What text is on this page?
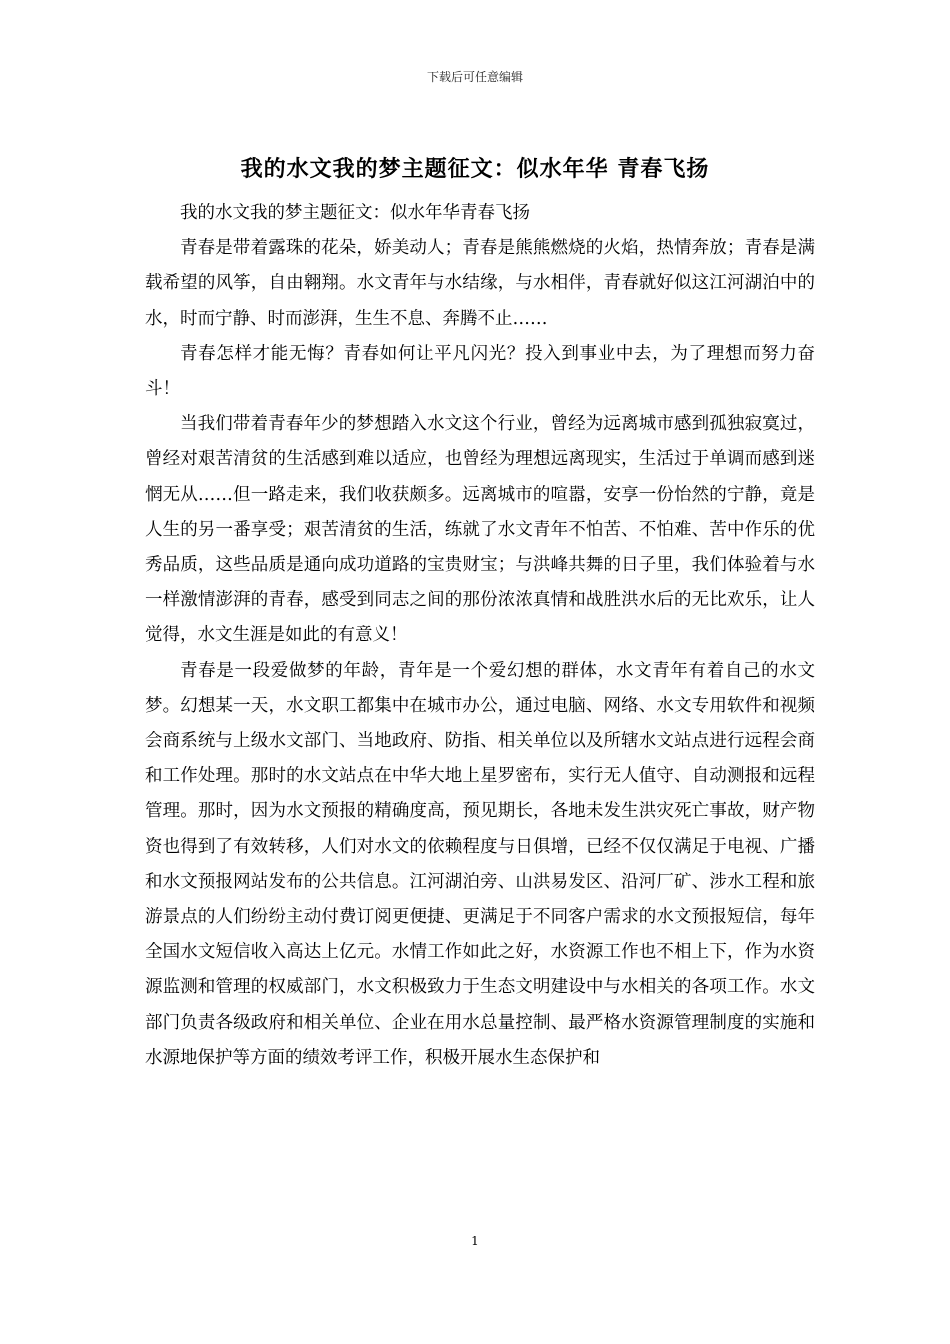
下载后可任意编辑
我的水文我的梦主题征文：似水年华 青春飞扬

我的水文我的梦主题征文：似水年华青春飞扬

青春是带着露珠的花朵，娇美动人；青春是熊熊燃烧的火焰，热情奔放；青春是满载希望的风筝，自由翱翔。水文青年与水结缘，与水相伴，青春就好似这江河湖泊中的水，时而宁静、时而澎湃，生生不息、奔腾不止……

青春怎样才能无悔？青春如何让平凡闪光？投入到事业中去，为了理想而努力奋斗！

当我们带着青春年少的梦想踏入水文这个行业，曾经为远离城市感到孤独寂寞过，曾经对艰苦清贫的生活感到难以适应，也曾经为理想远离现实，生活过于单调而感到迷惘无从……但一路走来，我们收获颇多。远离城市的喧嚣，安享一份怡然的宁静，竟是人生的另一番享受；艰苦清贫的生活，练就了水文青年不怕苦、不怕难、苦中作乐的优秀品质，这些品质是通向成功道路的宝贵财宝；与洪峰共舞的日子里，我们体验着与水一样激情澎湃的青春，感受到同志之间的那份浓浓真情和战胜洪水后的无比欢乐，让人觉得，水文生涯是如此的有意义！

青春是一段爱做梦的年龄，青年是一个爱幻想的群体，水文青年有着自己的水文梦。幻想某一天，水文职工都集中在城市办公，通过电脑、网络、水文专用软件和视频会商系统与上级水文部门、当地政府、防指、相关单位以及所辖水文站点进行远程会商和工作处理。那时的水文站点在中华大地上星罗密布，实行无人值守、自动测报和远程管理。那时，因为水文预报的精确度高，预见期长，各地未发生洪灾死亡事故，财产物资也得到了有效转移，人们对水文的依赖程度与日俱增，已经不仅仅满足于电视、广播和水文预报网站发布的公共信息。江河湖泊旁、山洪易发区、沿河厂矿、涉水工程和旅游景点的人们纷纷主动付费订阅更便捷、更满足于不同客户需求的水文预报短信，每年全国水文短信收入高达上亿元。水情工作如此之好，水资源工作也不相上下，作为水资源监测和管理的权威部门，水文积极致力于生态文明建设中与水相关的各项工作。水文部门负责各级政府和相关单位、企业在用水总量控制、最严格水资源管理制度的实施和水源地保护等方面的绩效考评工作，积极开展水生态保护和

1
